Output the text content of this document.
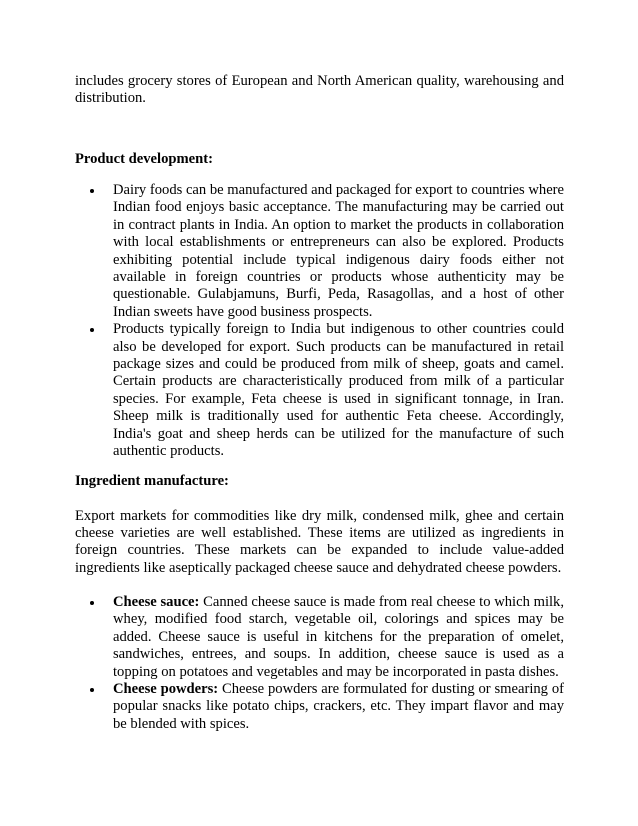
includes grocery stores of European and North American quality, warehousing and distribution.

Product development:
Dairy foods can be manufactured and packaged for export to countries where Indian food enjoys basic acceptance. The manufacturing may be carried out in contract plants in India. An option to market the products in collaboration with local establishments or entrepreneurs can also be explored. Products exhibiting potential include typical indigenous dairy foods either not available in foreign countries or products whose authenticity may be questionable. Gulabjamuns, Burfi, Peda, Rasagollas, and a host of other Indian sweets have good business prospects.
Products typically foreign to India but indigenous to other countries could also be developed for export. Such products can be manufactured in retail package sizes and could be produced from milk of sheep, goats and camel. Certain products are characteristically produced from milk of a particular species. For example, Feta cheese is used in significant tonnage, in Iran. Sheep milk is traditionally used for authentic Feta cheese. Accordingly, India's goat and sheep herds can be utilized for the manufacture of such authentic products.
Ingredient manufacture:

Export markets for commodities like dry milk, condensed milk, ghee and certain cheese varieties are well established. These items are utilized as ingredients in foreign countries. These markets can be expanded to include value-added ingredients like aseptically packaged cheese sauce and dehydrated cheese powders.

Cheese sauce: Canned cheese sauce is made from real cheese to which milk, whey, modified food starch, vegetable oil, colorings and spices may be added. Cheese sauce is useful in kitchens for the preparation of omelet, sandwiches, entrees, and soups. In addition, cheese sauce is used as a topping on potatoes and vegetables and may be incorporated in pasta dishes.
Cheese powders: Cheese powders are formulated for dusting or smearing of popular snacks like potato chips, crackers, etc. They impart flavor and may be blended with spices.
